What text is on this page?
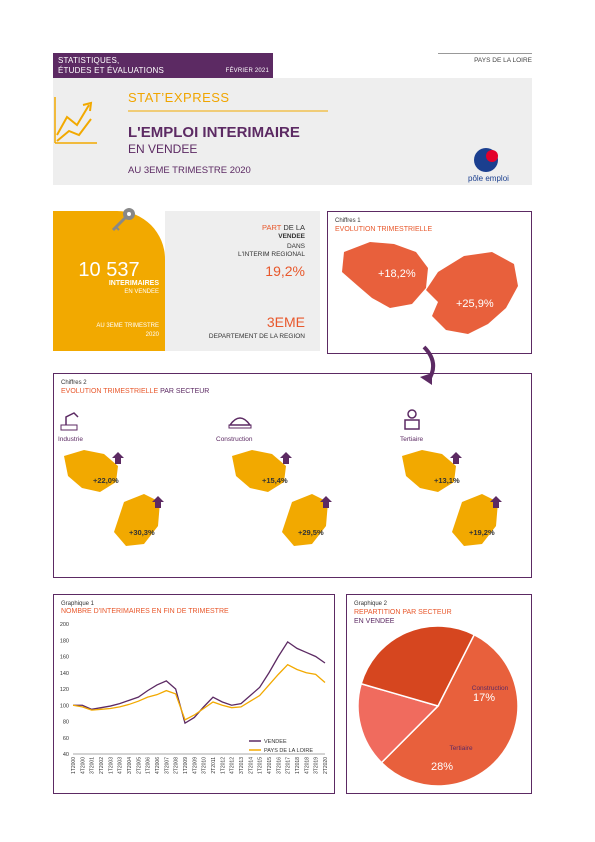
STATISTIQUES,
ÉTUDES ET ÉVALUATIONS	FÉVRIER 2021
PAYS DE LA LOIRE
STAT’EXPRESS
L'EMPLOI INTERIMAIRE
EN VENDEE
AU 3EME TRIMESTRE 2020
pôle emploi
10 537
INTERIMAIRES
EN VENDEE
AU 3EME TRIMESTRE
2020
PART DE LA
VENDEE
DANS
L'INTERIM REGIONAL
19,2%
3EME
DEPARTEMENT DE LA REGION
Chiffres 1
EVOLUTION TRIMESTRIELLE
+18,2%
+25,9%
Chiffres 2
EVOLUTION TRIMESTRIELLE PAR SECTEUR
Industrie
+22,0%
+30,3%
Construction
+15,4%
+29,5%
Tertiaire
+13,1%
+19,2%
Graphique 1
NOMBRE D'INTERIMAIRES EN FIN DE TRIMESTRE
40
60
80
100
120
140
160
180
200
1T2000 4T2000 3T2001 2T2002 1T2003 4T2003 3T2004 2T2005 1T2006 4T2006 3T2007 2T2008 1T2009 4T2009 3T2010 2T2011 1T2012 4T2012 3T2013 2T2014 1T2015 4T2015 3T2016 2T2017 1T2018 4T2018 3T2019 2T2020
VENDEE
PAYS DE LA LOIRE
Graphique 2
REPARTITION PAR SECTEUR
EN VENDEE
Construction
17%
Tertiaire
28%
